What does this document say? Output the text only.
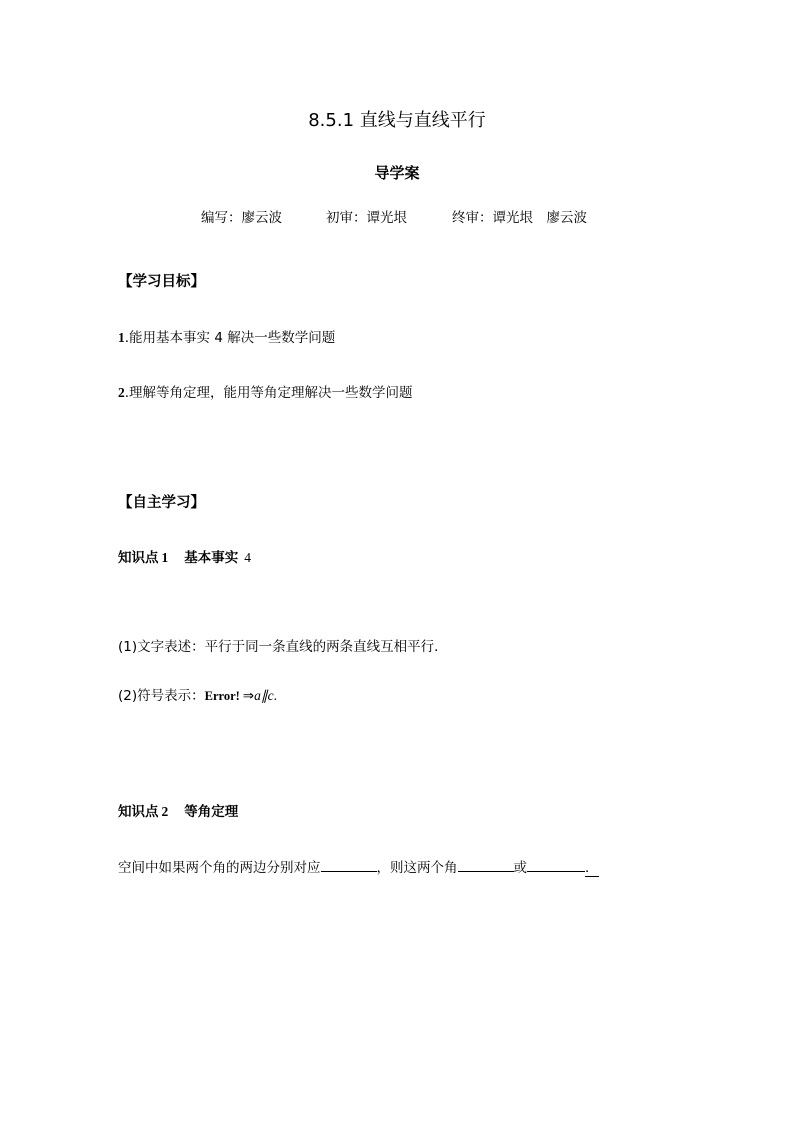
8.5.1 直线与直线平行
导学案
编写：廖云波	初审：谭光垠	终审：谭光垠　廖云波
【学习目标】
1.能用基本事实 4 解决一些数学问题
2.理解等角定理，能用等角定理解决一些数学问题
【自主学习】
知识点 1 基本事实 4
(1)文字表述：平行于同一条直线的两条直线互相平行．
(2)符号表示：Error! ⇒a∥c.
知识点 2 等角定理
空间中如果两个角的两边分别对应	，则这两个角	或	．
